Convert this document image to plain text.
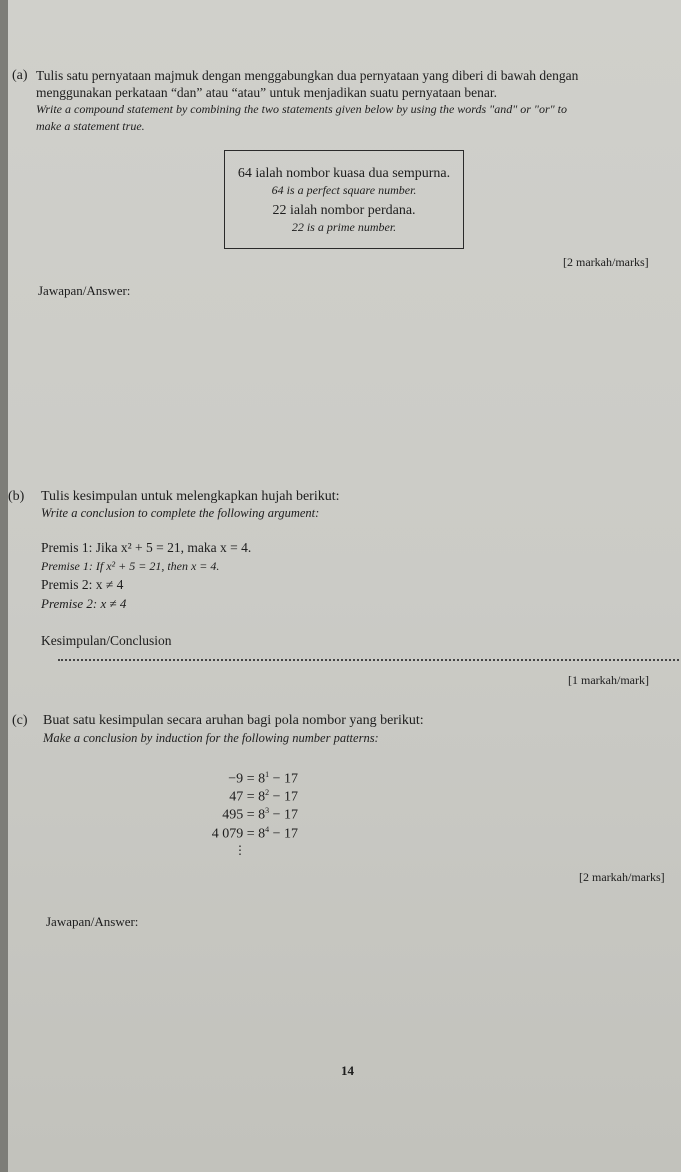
(a) Tulis satu pernyataan majmuk dengan menggabungkan dua pernyataan yang diberi di bawah dengan
menggunakan perkataan “dan” atau “atau” untuk menjadikan suatu pernyataan benar.
Write a compound statement by combining the two statements given below by using the words "and" or "or" to
make a statement true.
64 ialah nombor kuasa dua sempurna.
64 is a perfect square number.
22 ialah nombor perdana.
22 is a prime number.
[2 markah/marks]
Jawapan/Answer:
(b) Tulis kesimpulan untuk melengkapkan hujah berikut:
Write a conclusion to complete the following argument:
Premis 1: Jika x² + 5 = 21, maka x = 4.
Premise 1: If x² + 5 = 21, then x = 4.
Premis 2: x ≠ 4
Premise 2: x ≠ 4
Kesimpulan/Conclusion
[1 markah/mark]
(c) Buat satu kesimpulan secara aruhan bagi pola nombor yang berikut:
Make a conclusion by induction for the following number patterns:
$-9 = 8^1 - 17$
$47 = 8^2 - 17$
$495 = 8^3 - 17$
4 $079 = 8^4 - 17$
⋮
[2 markah/marks]
Jawapan/Answer:
14
